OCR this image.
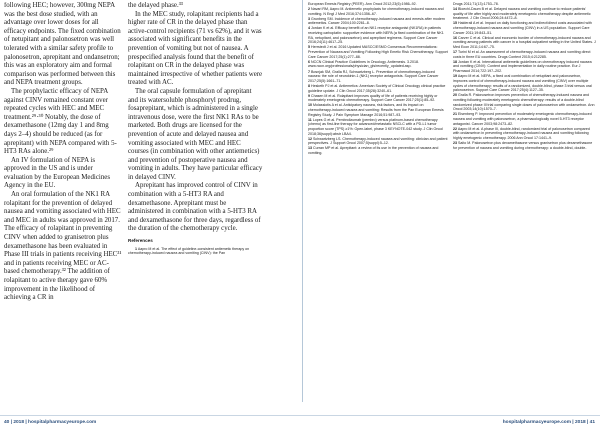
following HEC; however, 300mg NEPA was the best dose studied, with an advantage over lower doses for all efficacy endpoints. The fixed combination of netupitant and palonosetron was well tolerated with a similar safety profile to palonosetron, aprepitant and ondansetron; this was an exploratory aim and formal comparison was performed between this and NEPA treatment groups.

The prophylactic efficacy of NEPA against CINV remained constant over repeated cycles with HEC and MEC treatment.²⁹·³⁰ Notably, the dose of dexamethasone (12mg day 1 and 8mg days 2–4) should be reduced (as for aprepitant) with NEPA compared with 5-HT3 RAs alone.²⁹

An IV formulation of NEPA is approved in the US and is under evaluation by the European Medicines Agency in the EU.

An oral formulation of the NK1 RA rolapitant for the prevention of delayed nausea and vomiting associated with HEC and MEC in adults was approved in 2017. The efficacy of rolapitant in preventing CINV when added to granisetron plus dexamethasone has been evaluated in Phase III trials in patients receiving HEC³¹ and in patients receiving MEC or AC-based chemotherapy.³² The addition of rolapitant to active therapy gave 60% improvement in the likelihood of achieving a CR in

the delayed phase.³³

In the MEC study, rolapitant recipients had a higher rate of CR in the delayed phase than active-control recipients (71 vs 62%), and it was associated with significant benefits in the prevention of vomiting but not of nausea. A prespecified analysis found that the benefit of rolapitant on CR in the delayed phase was maintained irrespective of whether patients were treated with AC.

The oral capsule formulation of aprepitant and its watersoluble phosphoryl prodrug, fosaprepitant, which is administered in a single intravenous dose, were the first NK1 RAs to be marketed. Both drugs are licensed for the prevention of acute and delayed nausea and vomiting associated with MEC and HEC courses (in combination with other antiemetics) and prevention of postoperative nausea and vomiting in adults. They have particular efficacy in delayed CINV.

Aprepitant has improved control of CINV in combination with a 5-HT3 RA and dexamethasone. Aprepitant must be administered in combination with a 5-HT3 RA and dexamethasone for three days, regardless of the duration of the chemotherapy cycle.

References

1 Aapro M et al. The effect of guideline-consistent antiemetic therapy on chemotherapy-induced nausea and vomiting (CINV): the Pan

European Emesis Registry (PEER). Ann Oncol 2012;23(6):1986–92.

2 Navari RM, Aapro M. Antiemetic prophylaxis for chemotherapy-induced nausea and vomiting. N Engl J Med 2016;374:1356–67.

3 Grunberg SM. Incidence of chemotherapy-induced nausea and emesis after modern antiemetics. Cancer 2004;100:2261–8.

4 Jordan K et al. Efficacy benefit of an NK1 receptor antagonist (NK1RA) in patients receiving carboplatin: supportive evidence with NEPA (a fixed combination of the NK1 RA, netupitant, and palonosetron) and aprepitant regimens. Support Care Cancer 2016;24(11):4617–25.

5 Herrstedt J et al. 2016 Updated MASCC/ESMO Consensus Recommendations: Prevention of Nausea and Vomiting Following High Emetic Risk Chemotherapy. Support Care Cancer 2017;25(1):277–88.

6 NCCN Clinical Practice Guidelines in Oncology. Antiemesis. 3.2018. www.nccn.org/professionals/physician_gls/recently_updated.asp.

7 Bosnjak SM, Gralla RJ, Schwartzberg L. Prevention of chemotherapy-induced nausea: the role of neurokinin-1 (NK1) receptor antagonists. Support Care Cancer 2017;25(5):1661–71.

8 Hesketh PJ et al. Antiemetics: American Society of Clinical Oncology clinical practice guideline update. J Clin Oncol 2017;35(28):3240–61.

9 Chasen M et al. Rolapitant improves quality of life of patients receiving highly or moderately emetogenic chemotherapy. Support Care Cancer 2017;25(1):85–92.

10 Molassiotis A et al. Anticipatory nausea, risk factors, and its impact on chemotherapy-induced nausea and vomiting: Results from the Pan European Emesis Registry Study. J Pain Symptom Manage 2016;51:987–93.

11 Lopes G et al. Pembrolizumab (pembro) versus platinum-based chemotherapy (chemo) as first-line therapy for advanced/metastatic NSCLC with a PD-L1 tumor proportion score (TPS) ≥1%: Open-label, phase 3 KEYNOTE-042 study. J Clin Oncol 2018;36(suppl):abstr LBA4.

12 Schwartzberg LS. Chemotherapy-induced nausea and vomiting: clinician and patient perspectives. J Support Oncol 2007;5(suppl):5–12.

13 Curran MP et al. Aprepitant: a review of its use in the prevention of nausea and vomiting.

Drugs 2011;71(13):1753–78.

14 Bloechl-Daum B et al. Delayed nausea and vomiting continue to reduce patients' quality of life after highly and moderately emetogenic chemotherapy despite antiemetic treatment. J Clin Oncol 2006;24:4472–8.

15 Haiderali A et al. Impact on daily functioning and indirect/direct costs associated with chemotherapy-induced nausea and vomiting (CINV) in a US population. Support Care Cancer 2011;19:843–51.

16 Carver C et al. Clinical and economic burden of chemotherapy-induced nausea and vomiting among patients with cancer in a hospital outpatient setting in the United States. J Med Econ 2011;14:67–75.

17 Turini M et al. An assessment of chemotherapy-induced nausea and vomiting direct costs in three EU countries. Drugs Context 2015;4:212285.

18 Jordan K et al. International antiemetic guidelines on chemotherapy induced nausea and vomiting (CINV): Content and implementation in daily routine practice. Eur J Pharmacol 2014;722:197–202.

19 Aapro M et al. NEPA, a fixed oral combination of netupitant and palonosetron, improves control of chemotherapy-induced nausea and vomiting (CINV) over multiple cycles of chemotherapy: results of a randomized, double-blind, phase 3 trial versus oral palonosetron. Support Care Cancer 2017;25(4):1127–35.

20 Gralla R. Palonosetron improves prevention of chemotherapy-induced nausea and vomiting following moderately emetogenic chemotherapy: results of a double-blind randomized phase III trial comparing single doses of palonosetron with ondansetron. Ann Oncol 2003;14(10):1570–7.

21 Eisenberg P. Improved prevention of moderately emetogenic chemotherapy-induced nausea and vomiting with palonosetron, a pharmacologically novel 5-HT3 receptor antagonist. Cancer 2003;98:2473–82.

22 Aapro M et al. A phase III, double-blind, randomized trial of palonosetron compared with ondansetron in preventing chemotherapy-induced nausea and vomiting following highly emetogenic chemotherapy. 2006 Ann Oncol 17:1441–9.

23 Saito M. Palonosetron plus dexamethasone versus granisetron plus dexamethasone for prevention of nausea and vomiting during chemotherapy: a double-blind, double-

40 | 2018 | hospitalpharmacyeurope.com	hospitalpharmacyeurope.com | 2018 | 41
